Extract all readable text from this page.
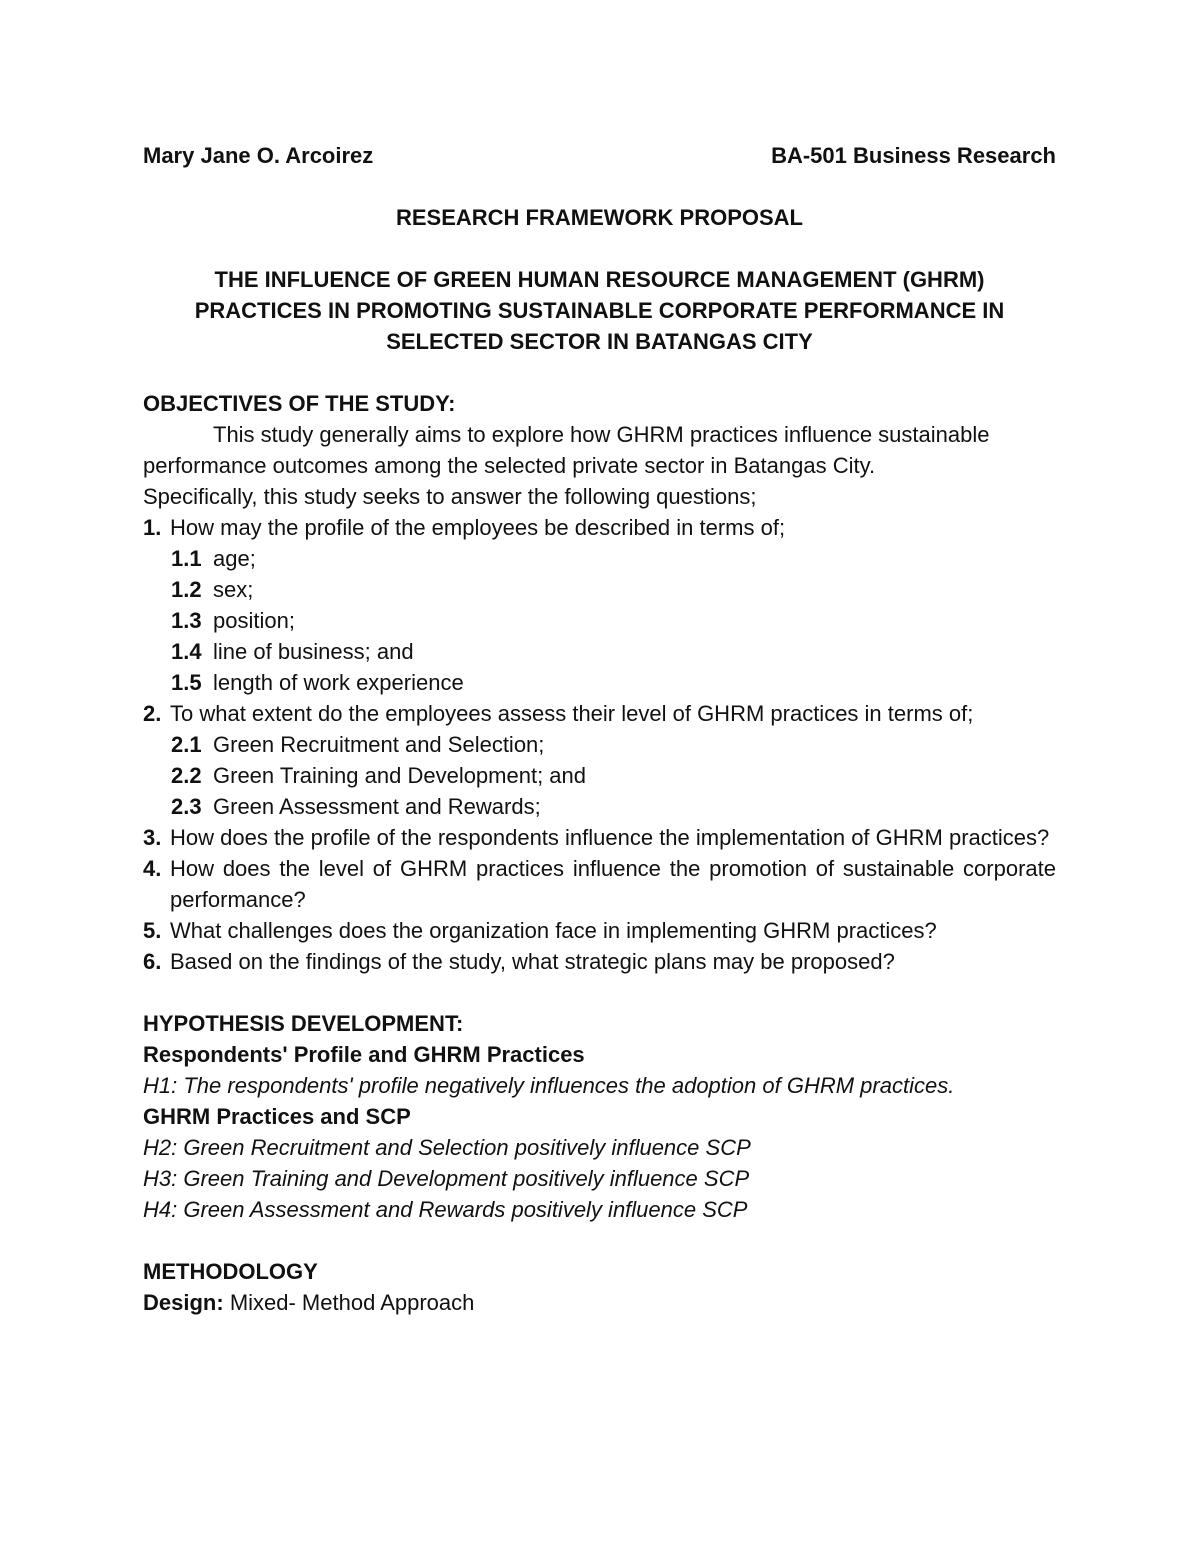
Mary Jane O. Arcoirez	BA-501 Business Research
RESEARCH FRAMEWORK PROPOSAL
THE INFLUENCE OF GREEN HUMAN RESOURCE MANAGEMENT (GHRM)
PRACTICES IN PROMOTING SUSTAINABLE CORPORATE PERFORMANCE IN
SELECTED SECTOR IN BATANGAS CITY
OBJECTIVES OF THE STUDY:
This study generally aims to explore how GHRM practices influence sustainable performance outcomes among the selected private sector in Batangas City.
Specifically, this study seeks to answer the following questions;
1. How may the profile of the employees be described in terms of;
1.1 age;
1.2 sex;
1.3 position;
1.4 line of business; and
1.5 length of work experience
2. To what extent do the employees assess their level of GHRM practices in terms of;
2.1 Green Recruitment and Selection;
2.2 Green Training and Development; and
2.3 Green Assessment and Rewards;
3. How does the profile of the respondents influence the implementation of GHRM practices?
4. How does the level of GHRM practices influence the promotion of sustainable corporate performance?
5. What challenges does the organization face in implementing GHRM practices?
6. Based on the findings of the study, what strategic plans may be proposed?
HYPOTHESIS DEVELOPMENT:
Respondents' Profile and GHRM Practices
H1: The respondents' profile negatively influences the adoption of GHRM practices.
GHRM Practices and SCP
H2: Green Recruitment and Selection positively influence SCP
H3: Green Training and Development positively influence SCP
H4: Green Assessment and Rewards positively influence SCP
METHODOLOGY
Design: Mixed- Method Approach
